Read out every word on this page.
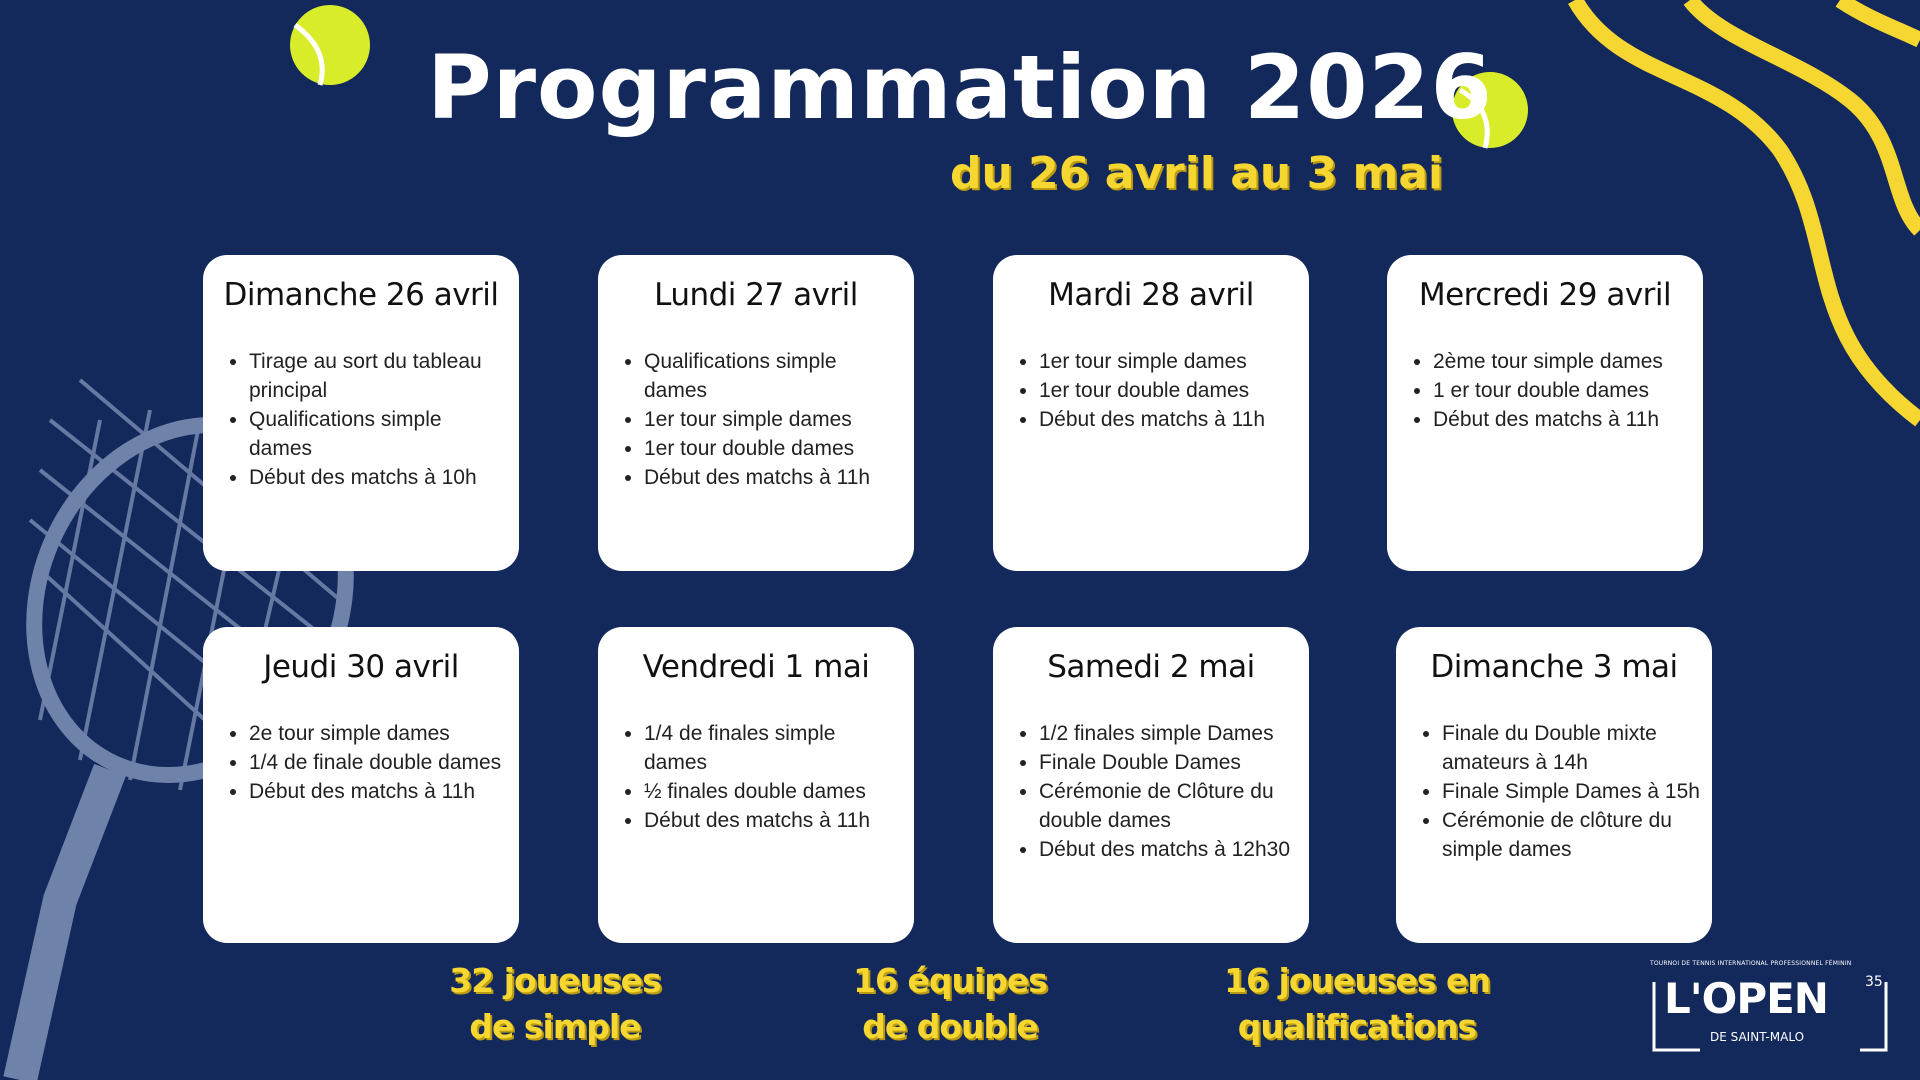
Programmation 2026
du 26 avril au 3 mai
Dimanche 26 avril
• Tirage au sort du tableau principal
• Qualifications simple dames
• Début des matchs à 10h
Lundi 27 avril
• Qualifications simple dames
• 1er tour simple dames
• 1er tour double dames
• Début des matchs à 11h
Mardi 28 avril
• 1er tour simple dames
• 1er tour double dames
• Début des matchs à 11h
Mercredi 29 avril
• 2ème tour simple dames
• 1 er tour double dames
• Début des matchs à 11h
Jeudi 30 avril
• 2e tour simple dames
• 1/4 de finale double dames
• Début des matchs à 11h
Vendredi 1 mai
• 1/4 de finales simple dames
• ½ finales double dames
• Début des matchs à 11h
Samedi 2 mai
• 1/2 finales simple Dames
• Finale Double Dames
• Cérémonie de Clôture du double dames
• Début des matchs à 12h30
Dimanche 3 mai
• Finale du Double mixte amateurs à 14h
• Finale Simple Dames à 15h
• Cérémonie de clôture du simple dames
32 joueuses
de simple
16 équipes
de double
16 joueuses en
qualifications
TOURNOI DE TENNIS INTERNATIONAL PROFESSIONNEL FÉMININ
L'OPEN
DE SAINT-MALO
35
